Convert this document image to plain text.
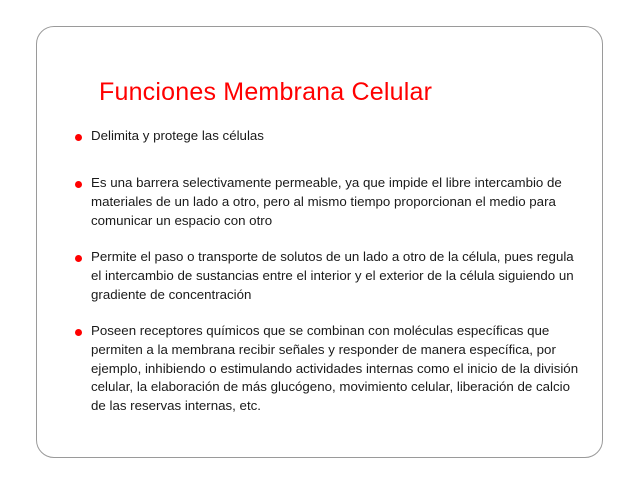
Funciones Membrana Celular
Delimita y protege las células
Es una barrera selectivamente permeable, ya que impide el libre intercambio de materiales de un lado a otro, pero al mismo tiempo proporcionan el medio para comunicar un espacio con otro
Permite el paso o transporte de solutos de un lado a otro de la célula, pues regula el intercambio de sustancias entre el interior y el exterior de la célula siguiendo un gradiente de concentración
Poseen receptores químicos que se combinan con moléculas específicas que permiten a la membrana recibir señales y responder de manera específica, por ejemplo, inhibiendo o estimulando actividades internas como el inicio de la división celular, la elaboración de más glucógeno, movimiento celular, liberación de calcio de las reservas internas, etc.
